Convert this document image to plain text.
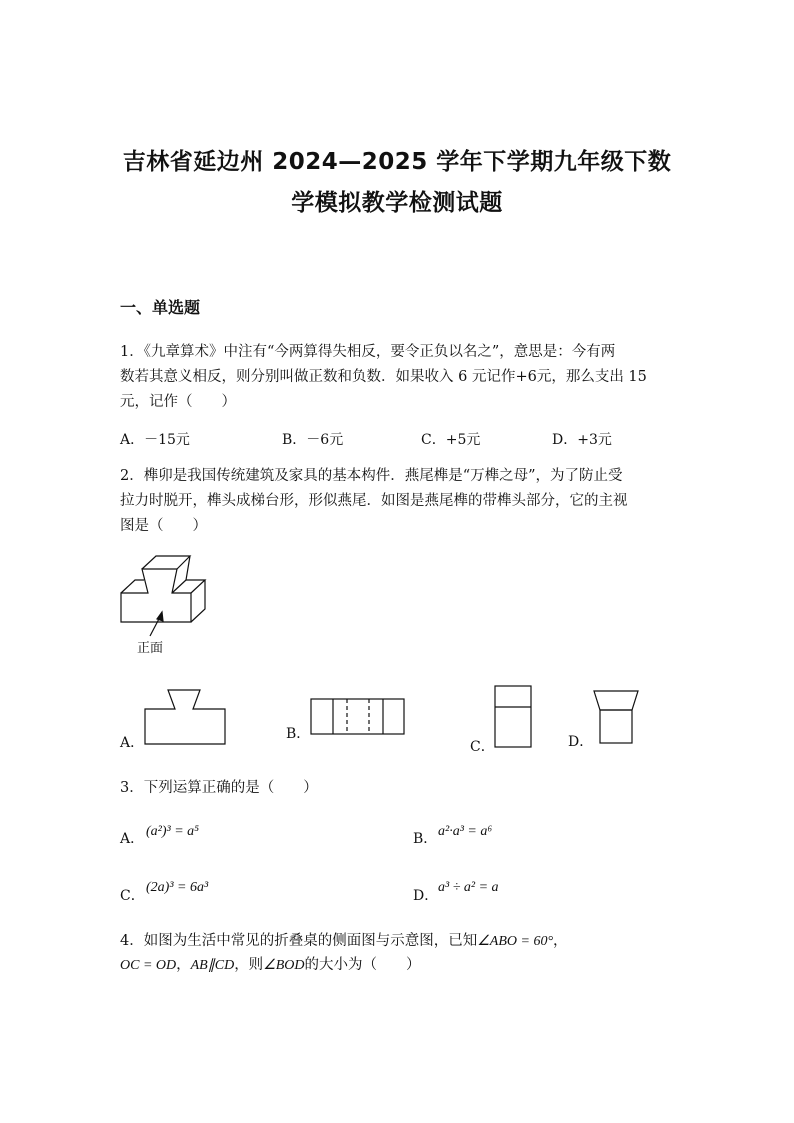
吉林省延边州 2024—2025 学年下学期九年级下数
学模拟教学检测试题
一、单选题
1．《九章算术》中注有“今两算得失相反，要令正负以名之”，意思是：今有两
数若其意义相反，则分别叫做正数和负数．如果收入 6 元记作+6元，那么支出 15
元，记作（　　）
A．－15元	B．－6元	C．+5元	D．+3元
2．榫卯是我国传统建筑及家具的基本构件．燕尾榫是“万榫之母”，为了防止受
拉力时脱开，榫头成梯台形，形似燕尾．如图是燕尾榫的带榫头部分，它的主视
图是（　　）
正面
A．
B．
C．	D．
3．下列运算正确的是（　　）
A． (a²)³ = a⁵	B． a²·a³ = a⁶
C．
(2a)³ = 6a³
D．
a³ ÷ a² = a
4．如图为生活中常见的折叠桌的侧面图与示意图，已知∠ABO = 60°，
OC = OD，AB∥CD，则∠BOD的大小为（　　）
